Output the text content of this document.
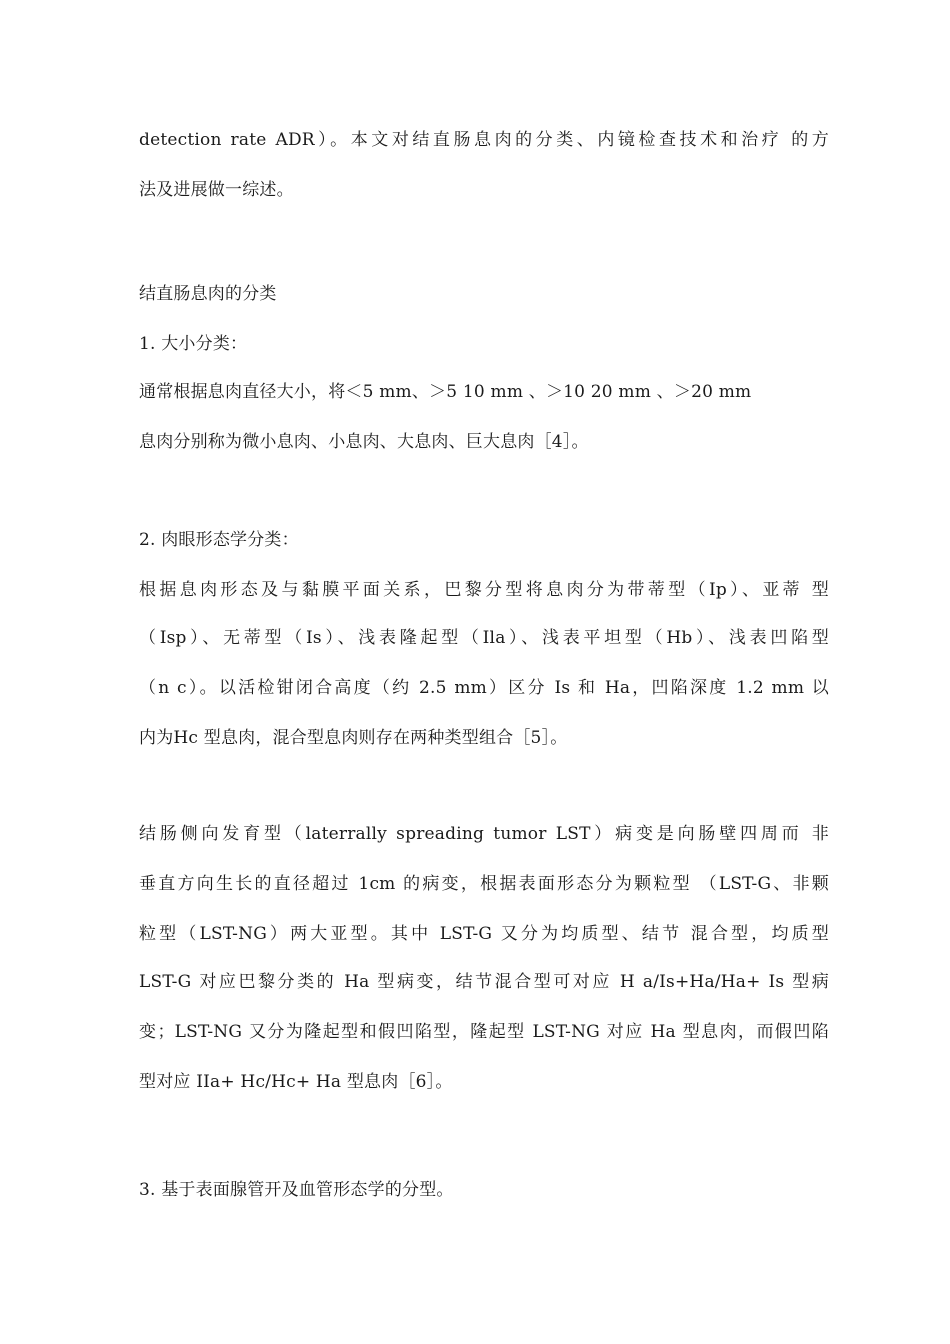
detection rate ADR）。本文对结直肠息肉的分类、内镜检查技术和治疗 的方
法及进展做一综述。
结直肠息肉的分类
1. 大小分类：
通常根据息肉直径大小，将＜5 mm、＞5 10 mm 、＞10 20 mm 、＞20 mm
息肉分别称为微小息肉、小息肉、大息肉、巨大息肉［4］。
2. 肉眼形态学分类：
根据息肉形态及与黏膜平面关系，巴黎分型将息肉分为带蒂型（Ip）、亚蒂 型
（Isp）、无蒂型（Is）、浅表隆起型（Ila）、浅表平坦型（Hb）、浅表凹陷型
（n c）。以活检钳闭合高度（约 2.5 mm）区分 Is 和 Ha，凹陷深度 1.2 mm 以
内为Hc 型息肉，混合型息肉则存在两种类型组合［5］。
结肠侧向发育型（laterrally spreading tumor LST）病变是向肠壁四周而 非
垂直方向生长的直径超过 1cm 的病变，根据表面形态分为颗粒型 （LST-G、非颗
粒型（LST-NG）两大亚型。其中 LST-G 又分为均质型、结节 混合型，均质型
LST-G 对应巴黎分类的 Ha 型病变，结节混合型可对应 H a/Is+Ha/Ha+ Is 型病
变；LST-NG 又分为隆起型和假凹陷型，隆起型 LST-NG 对应 Ha 型息肉，而假凹陷
型对应 IIa+ Hc/Hc+ Ha 型息肉［6］。
3. 基于表面腺管开及血管形态学的分型。
